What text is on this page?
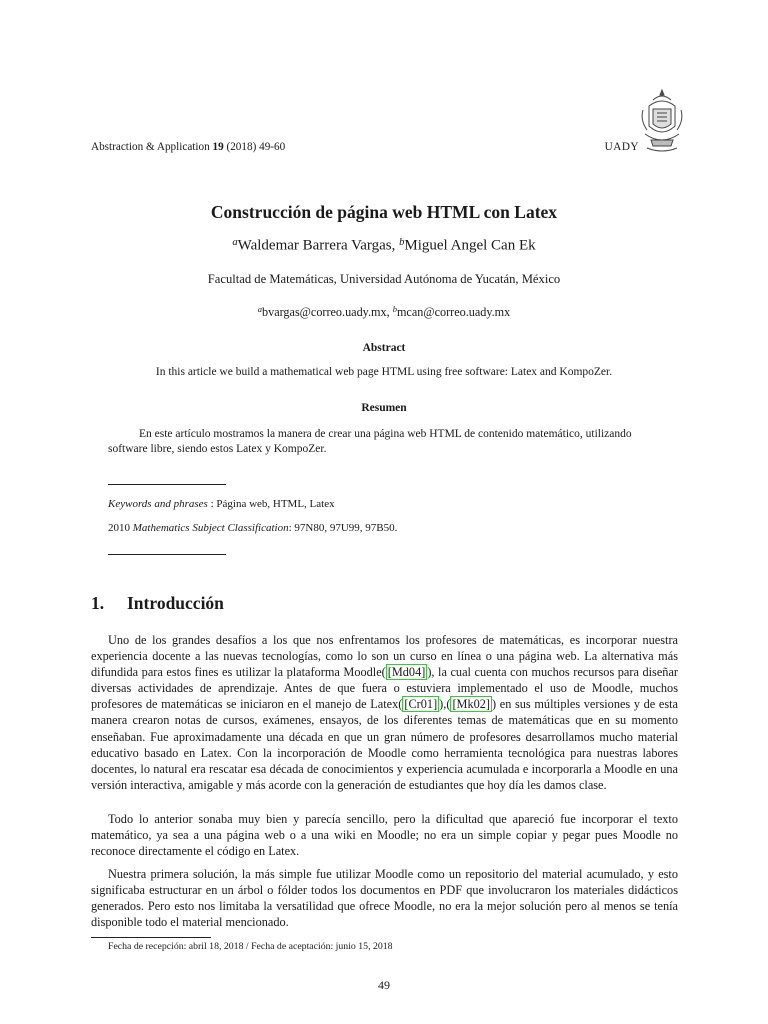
Abstraction & Application 19 (2018) 49-60	UADY
Construcción de página web HTML con Latex
$^a$Waldemar Barrera Vargas, $^b$Miguel Angel Can Ek
Facultad de Matemáticas, Universidad Autónoma de Yucatán, México
$^a$bvargas@correo.uady.mx, $^b$mcan@correo.uady.mx
Abstract
In this article we build a mathematical web page HTML using free software: Latex and KompoZer.
Resumen
En este artículo mostramos la manera de crear una página web HTML de contenido matemático, utilizando software libre, siendo estos Latex y KompoZer.
Keywords and phrases : Página web, HTML, Latex
2010 Mathematics Subject Classification: 97N80, 97U99, 97B50.
1. Introducción

Uno de los grandes desafíos a los que nos enfrentamos los profesores de matemáticas, es incorporar nuestra experiencia docente a las nuevas tecnologías, como lo son un curso en línea o una página web. La alternativa más difundida para estos fines es utilizar la plataforma Moodle( [Md04] ), la cual cuenta con muchos recursos para diseñar diversas actividades de aprendizaje. Antes de que fuera o estuviera implementado el uso de Moodle, muchos profesores de matemáticas se iniciaron en el manejo de Latex( [Cr01] ),( [Mk02] ) en sus múltiples versiones y de esta manera crearon notas de cursos, exámenes, ensayos, de los diferentes temas de matemáticas que en su momento enseñaban. Fue aproximadamente una década en que un gran número de profesores desarrollamos mucho material educativo basado en Latex. Con la incorporación de Moodle como herramienta tecnológica para nuestras labores docentes, lo natural era rescatar esa década de conocimientos y experiencia acumulada e incorporarla a Moodle en una versión interactiva, amigable y más acorde con la generación de estudiantes que hoy día les damos clase.

Todo lo anterior sonaba muy bien y parecía sencillo, pero la dificultad que apareció fue incorporar el texto matemático, ya sea a una página web o a una wiki en Moodle; no era un simple copiar y pegar pues Moodle no reconoce directamente el código en Latex.

Nuestra primera solución, la más simple fue utilizar Moodle como un repositorio del material acumulado, y esto significaba estructurar en un árbol o fólder todos los documentos en PDF que involucraron los materiales didácticos generados. Pero esto nos limitaba la versatilidad que ofrece Moodle, no era la mejor solución pero al menos se tenía disponible todo el material mencionado.

Fecha de recepción: abril 18, 2018 / Fecha de aceptación: junio 15, 2018
49
